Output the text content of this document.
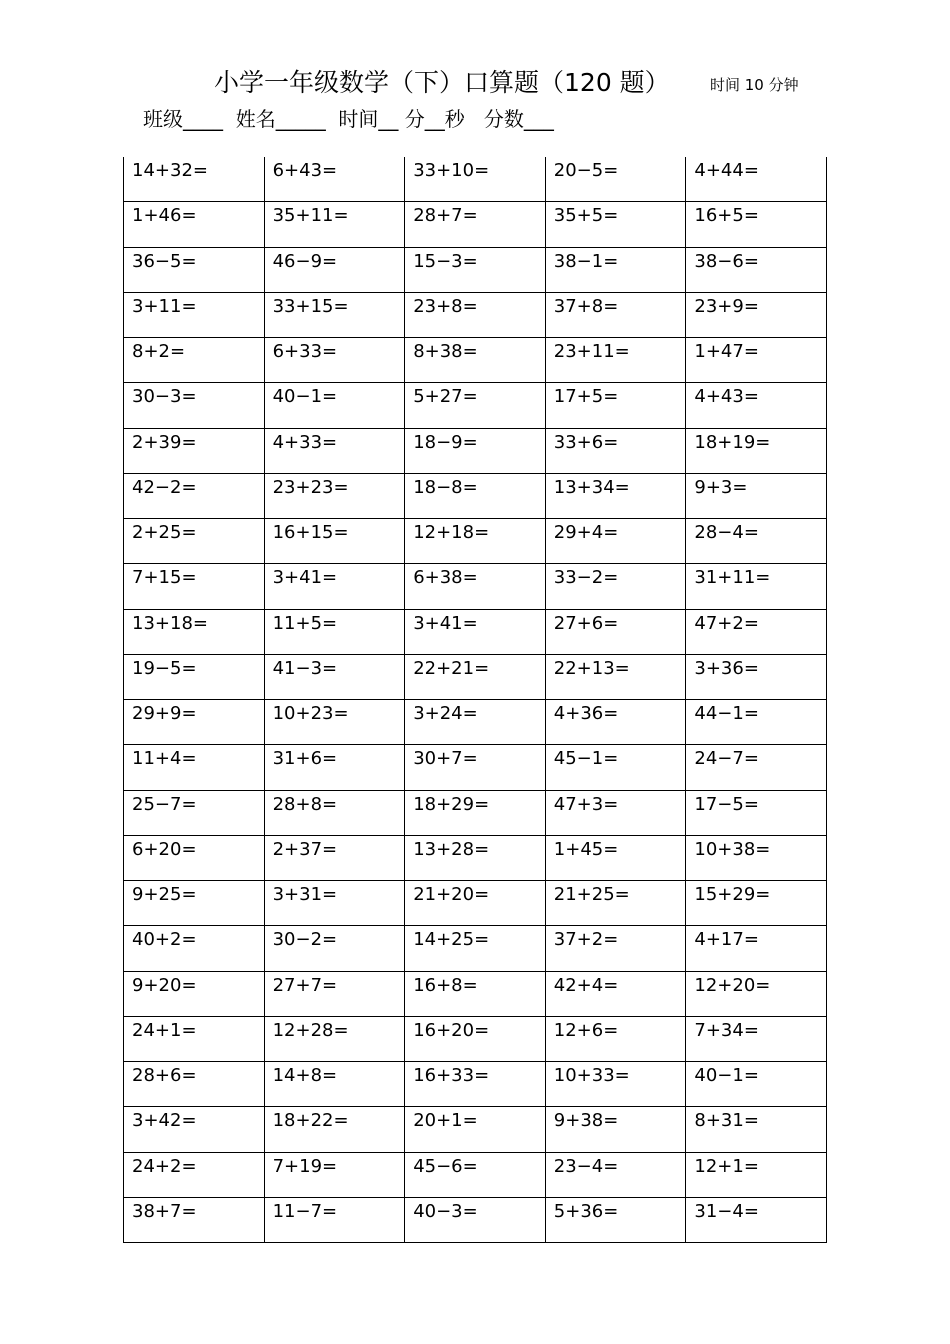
小学一年级数学（下）口算题（120 题）	时间 10 分钟
班级____  姓名_____  时间__ 分__秒   分数___
14+32=	6+43=	33+10=	20−5=	4+44=
1+46=	35+11=	28+7=	35+5=	16+5=
36−5=	46−9=	15−3=	38−1=	38−6=
3+11=	33+15=	23+8=	37+8=	23+9=
8+2=	6+33=	8+38=	23+11=	1+47=
30−3=	40−1=	5+27=	17+5=	4+43=
2+39=	4+33=	18−9=	33+6=	18+19=
42−2=	23+23=	18−8=	13+34=	9+3=
2+25=	16+15=	12+18=	29+4=	28−4=
7+15=	3+41=	6+38=	33−2=	31+11=
13+18=	11+5=	3+41=	27+6=	47+2=
19−5=	41−3=	22+21=	22+13=	3+36=
29+9=	10+23=	3+24=	4+36=	44−1=
11+4=	31+6=	30+7=	45−1=	24−7=
25−7=	28+8=	18+29=	47+3=	17−5=
6+20=	2+37=	13+28=	1+45=	10+38=
9+25=	3+31=	21+20=	21+25=	15+29=
40+2=	30−2=	14+25=	37+2=	4+17=
9+20=	27+7=	16+8=	42+4=	12+20=
24+1=	12+28=	16+20=	12+6=	7+34=
28+6=	14+8=	16+33=	10+33=	40−1=
3+42=	18+22=	20+1=	9+38=	8+31=
24+2=	7+19=	45−6=	23−4=	12+1=
38+7=	11−7=	40−3=	5+36=	31−4=
